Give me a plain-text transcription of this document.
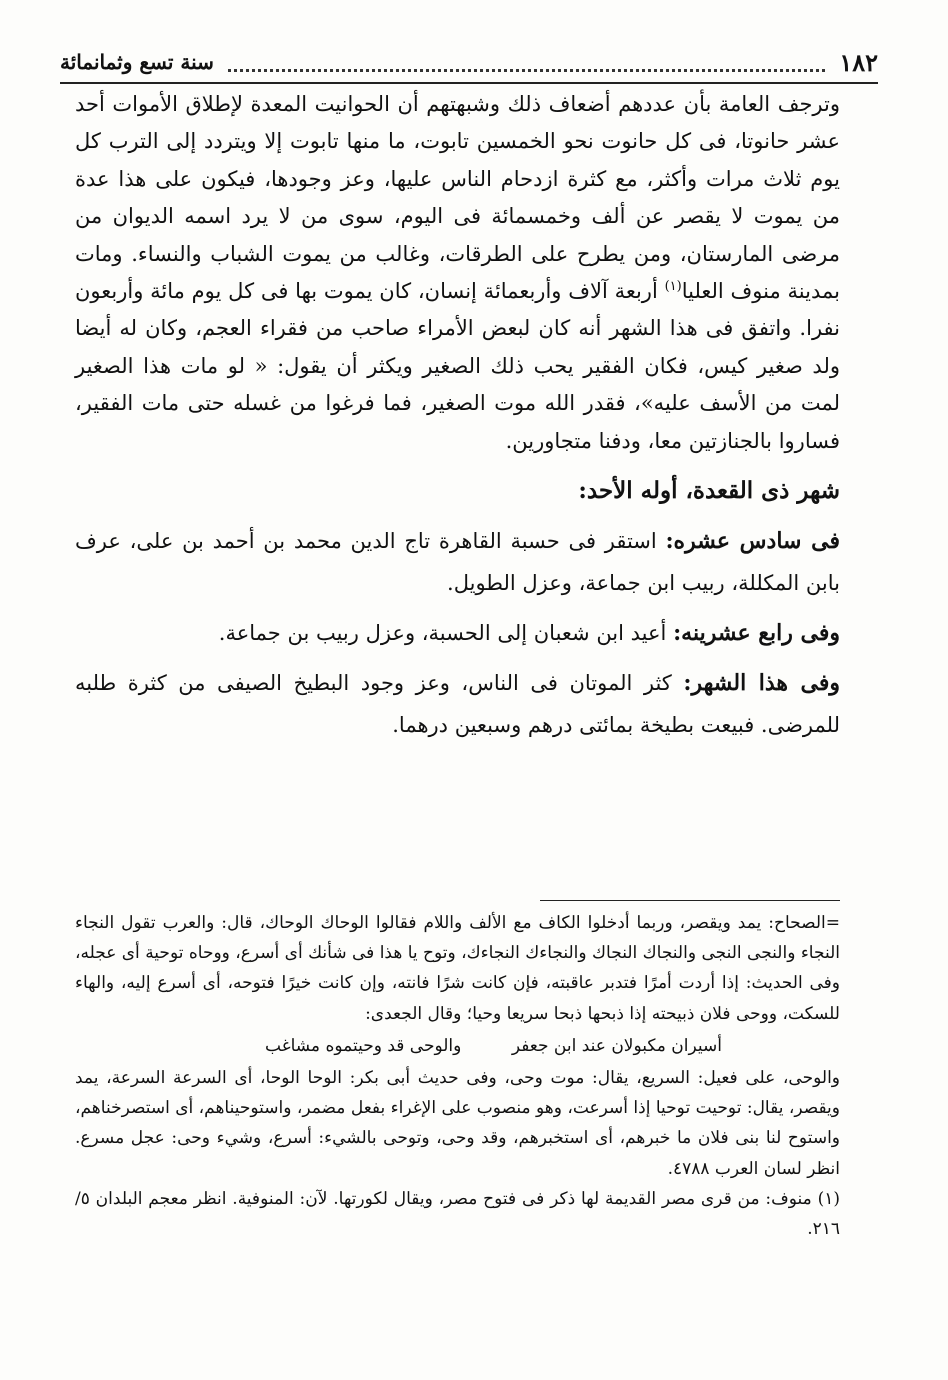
١٨٢
سنة تسع وثمانمائة

وترجف العامة بأن عددهم أضعاف ذلك وشبهتهم أن الحوانيت المعدة لإطلاق الأموات أحد عشر حانوتا، فى كل حانوت نحو الخمسين تابوت، ما منها تابوت إلا ويتردد إلى الترب كل يوم ثلاث مرات وأكثر، مع كثرة ازدحام الناس عليها، وعز وجودها، فيكون على هذا عدة من يموت لا يقصر عن ألف وخمسمائة فى اليوم، سوى من لا يرد اسمه الديوان من مرضى المارستان، ومن يطرح على الطرقات، وغالب من يموت الشباب والنساء. ومات بمدينة منوف العليا$^{(١)}$ أربعة آلاف وأربعمائة إنسان، كان يموت بها فى كل يوم مائة وأربعون نفرا. واتفق فى هذا الشهر أنه كان لبعض الأمراء صاحب من فقراء العجم، وكان له أيضا ولد صغير كيس، فكان الفقير يحب ذلك الصغير ويكثر أن يقول: « لو مات هذا الصغير لمت من الأسف عليه»، فقدر الله موت الصغير، فما فرغوا من غسله حتى مات الفقير، فساروا بالجنازتين معا، ودفنا متجاورين.

شهر ذى القعدة، أوله الأحد:

فى سادس عشره: استقر فى حسبة القاهرة تاج الدين محمد بن أحمد بن على، عرف بابن المكللة، ربيب ابن جماعة، وعزل الطويل.

وفى رابع عشرينه: أعيد ابن شعبان إلى الحسبة، وعزل ربيب بن جماعة.

وفى هذا الشهر: كثر الموتان فى الناس، وعز وجود البطيخ الصيفى من كثرة طلبه للمرضى. فبيعت بطيخة بمائتى درهم وسبعين درهما.

=الصحاح: يمد ويقصر، وربما أدخلوا الكاف مع الألف واللام فقالوا الوحاك الوحاك، قال: والعرب تقول النجاء النجاء والنجى النجى والنجاك النجاك والنجاءك النجاءك، وتوح يا هذا فى شأنك أى أسرع، ووحاه توحية أى عجله، وفى الحديث: إذا أردت أمرًا فتدبر عاقبته، فإن كانت شرًا فانته، وإن كانت خيرًا فتوحه، أى أسرع إليه، والهاء للسكت، ووحى فلان ذبيحته إذا ذبحها ذبحا سريعا وحيا؛ وقال الجعدى:

أسيران مكبولان عند ابن جعفر
والوحى قد وحيتموه مشاغب

والوحى، على فعيل: السريع، يقال: موت وحى، وفى حديث أبى بكر: الوحا الوحا، أى السرعة السرعة، يمد ويقصر، يقال: توحيت توحيا إذا أسرعت، وهو منصوب على الإغراء بفعل مضمر، واستوحيناهم، أى استصرخناهم، واستوح لنا بنى فلان ما خبرهم، أى استخبرهم، وقد وحى، وتوحى بالشيء: أسرع، وشيء وحى: عجل مسرع. انظر لسان العرب ٤٧٨٨.

(١) منوف: من قرى مصر القديمة لها ذكر فى فتوح مصر، ويقال لكورتها. لآن: المنوفية. انظر معجم البلدان ٥/ ٢١٦.
